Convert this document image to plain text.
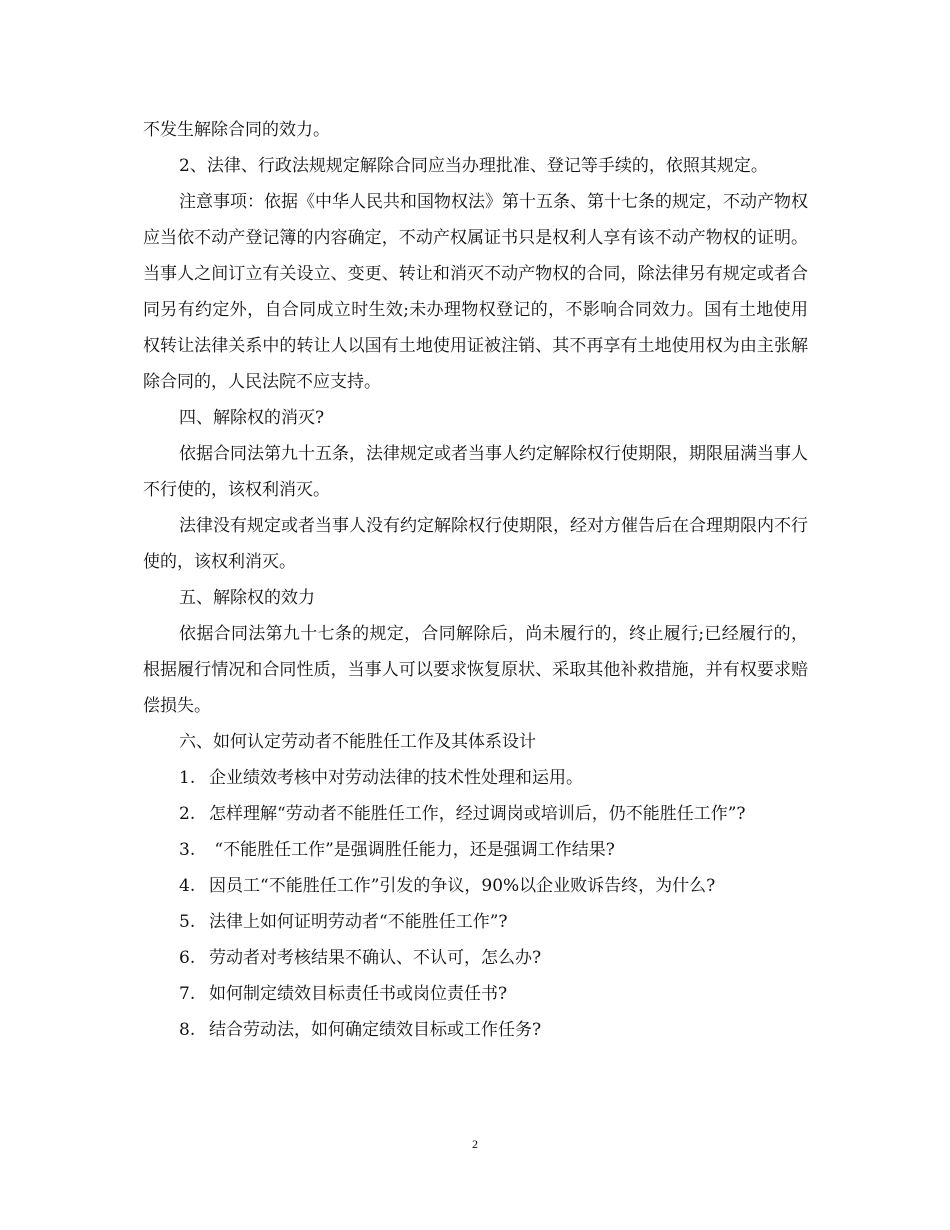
不发生解除合同的效力。

2、法律、行政法规规定解除合同应当办理批准、登记等手续的，依照其规定。

注意事项：依据《中华人民共和国物权法》第十五条、第十七条的规定，不动产物权应当依不动产登记簿的内容确定，不动产权属证书只是权利人享有该不动产物权的证明。当事人之间订立有关设立、变更、转让和消灭不动产物权的合同，除法律另有规定或者合同另有约定外，自合同成立时生效;未办理物权登记的，不影响合同效力。国有土地使用权转让法律关系中的转让人以国有土地使用证被注销、其不再享有土地使用权为由主张解除合同的，人民法院不应支持。

四、解除权的消灭?

依据合同法第九十五条，法律规定或者当事人约定解除权行使期限，期限届满当事人不行使的，该权利消灭。

法律没有规定或者当事人没有约定解除权行使期限，经对方催告后在合理期限内不行使的，该权利消灭。

五、解除权的效力

依据合同法第九十七条的规定，合同解除后，尚未履行的，终止履行;已经履行的，根据履行情况和合同性质，当事人可以要求恢复原状、采取其他补救措施，并有权要求赔偿损失。

六、如何认定劳动者不能胜任工作及其体系设计

1. 企业绩效考核中对劳动法律的技术性处理和运用。

2. 怎样理解“劳动者不能胜任工作，经过调岗或培训后，仍不能胜任工作”?

3. “不能胜任工作”是强调胜任能力，还是强调工作结果?

4. 因员工“不能胜任工作”引发的争议，90%以企业败诉告终，为什么?

5. 法律上如何证明劳动者“不能胜任工作”?

6. 劳动者对考核结果不确认、不认可，怎么办?

7. 如何制定绩效目标责任书或岗位责任书?

8. 结合劳动法，如何确定绩效目标或工作任务?

2
